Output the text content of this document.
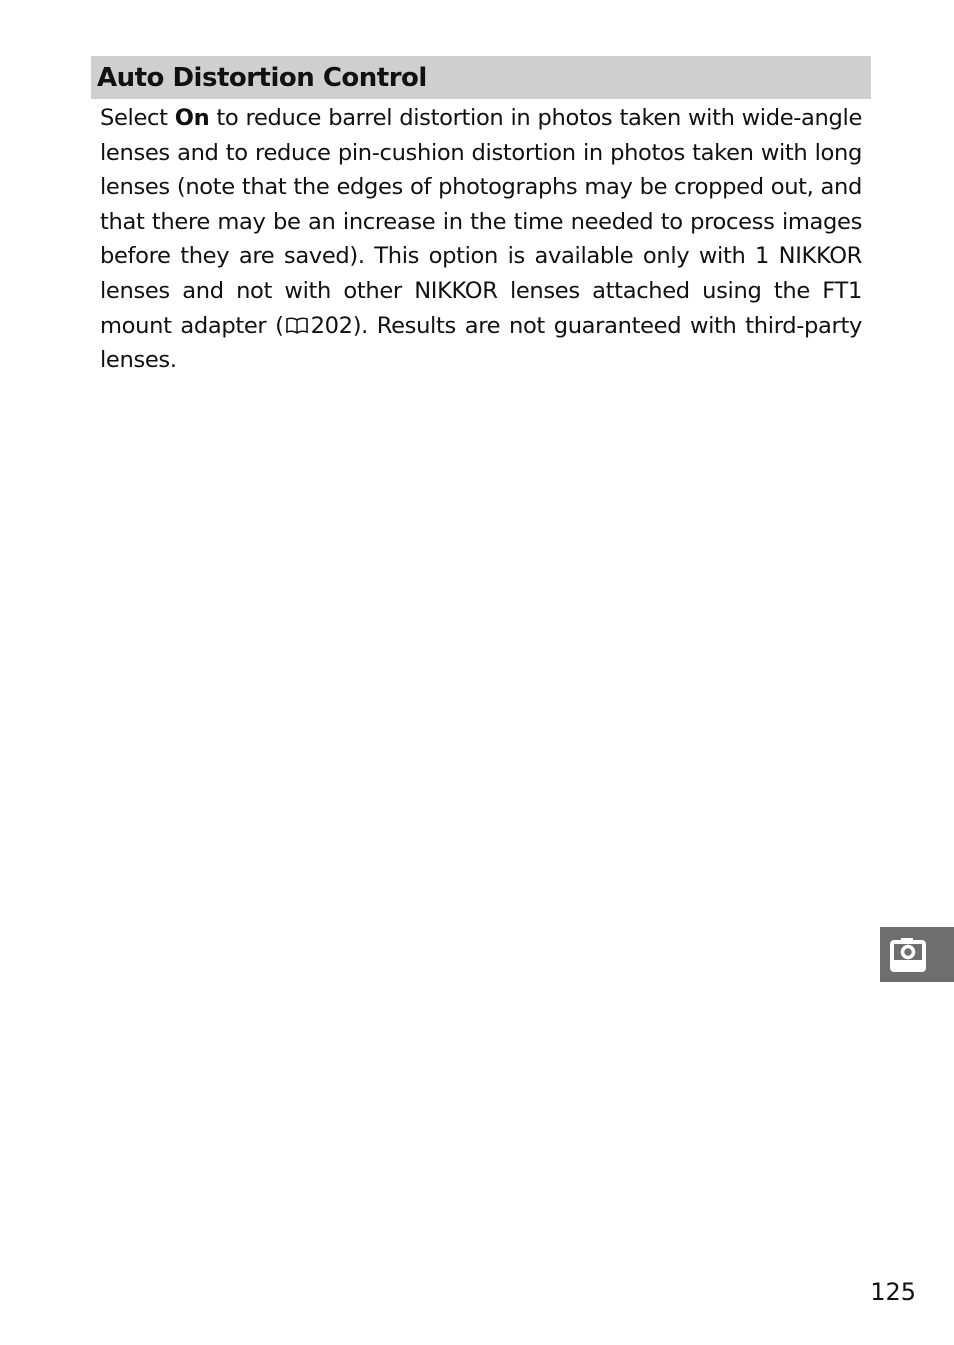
Auto Distortion Control

Select On to reduce barrel distortion in photos taken with wide-angle lenses and to reduce pin-cushion distortion in photos taken with long lenses (note that the edges of photographs may be cropped out, and that there may be an increase in the time needed to process images before they are saved). This option is available only with 1 NIKKOR lenses and not with other NIKKOR lenses attached using the FT1 mount adapter ( 202). Results are not guaranteed with third-party lenses.

125
